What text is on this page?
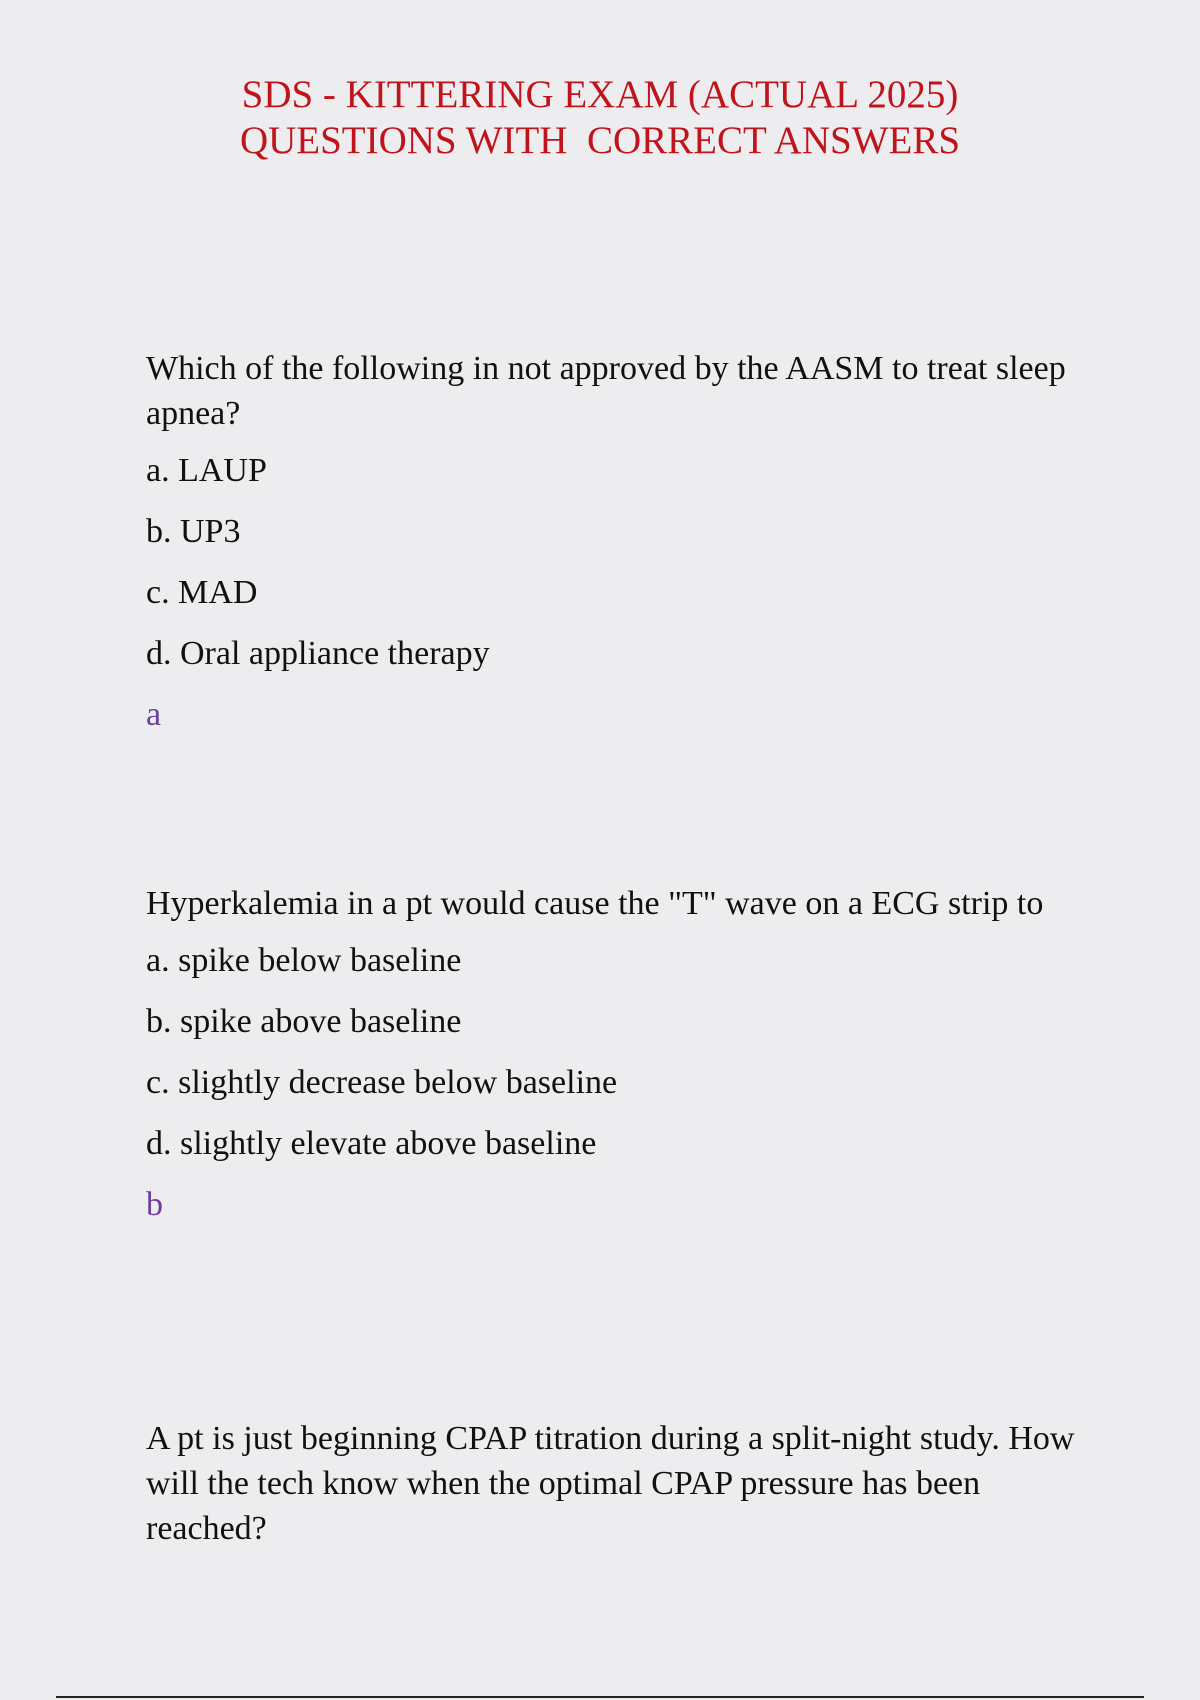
SDS - KITTERING EXAM (ACTUAL 2025)
QUESTIONS WITH  CORRECT ANSWERS

Which of the following in not approved by the AASM to treat sleep apnea?

a. LAUP
b. UP3
c. MAD
d. Oral appliance therapy
a

Hyperkalemia in a pt would cause the "T" wave on a ECG strip to

a. spike below baseline
b. spike above baseline
c. slightly decrease below baseline
d. slightly elevate above baseline
b

A pt is just beginning CPAP titration during a split-night study. How will the tech know when the optimal CPAP pressure has been reached?
